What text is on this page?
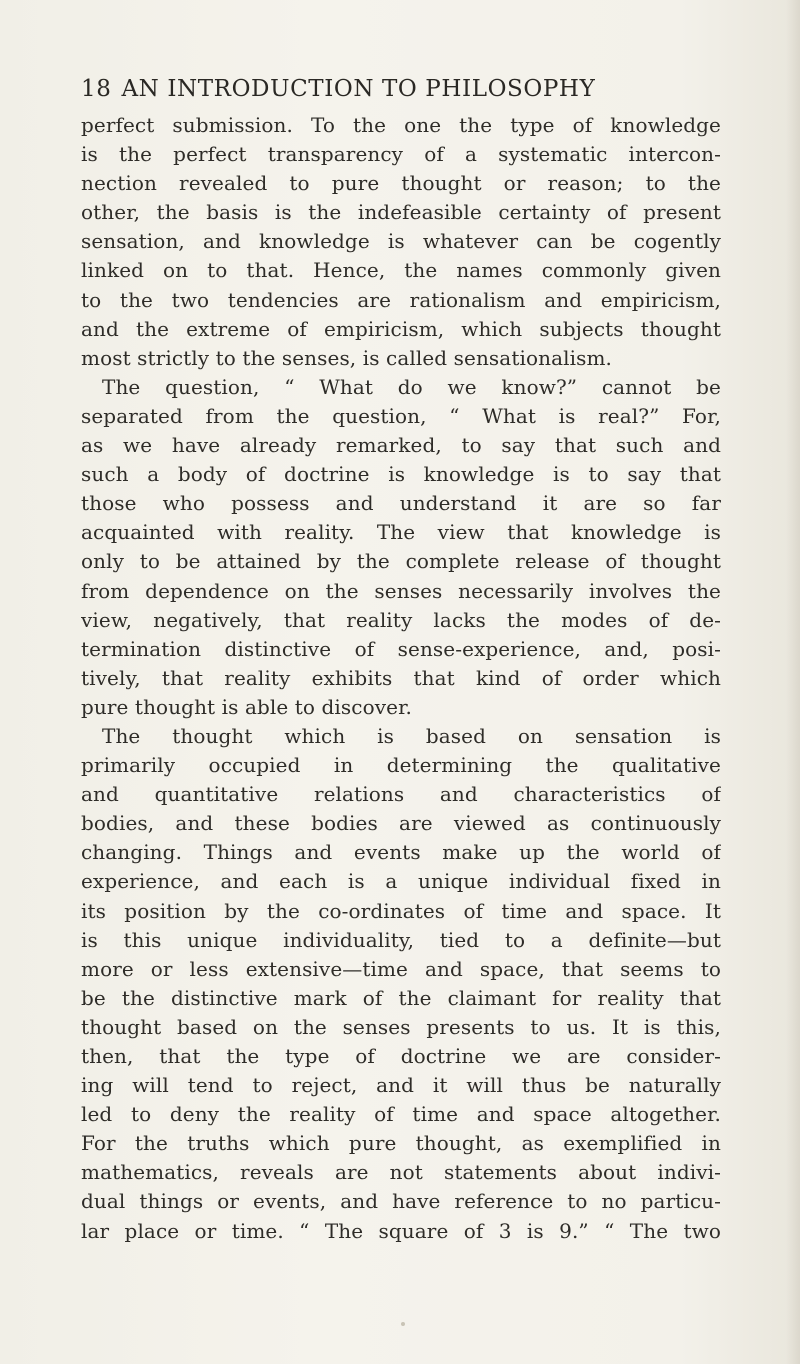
18 AN INTRODUCTION TO PHILOSOPHY
perfect submission. To the one the type of knowledge
is the perfect transparency of a systematic intercon-
nection revealed to pure thought or reason; to the
other, the basis is the indefeasible certainty of present
sensation, and knowledge is whatever can be cogently
linked on to that. Hence, the names commonly given
to the two tendencies are rationalism and empiricism,
and the extreme of empiricism, which subjects thought
most strictly to the senses, is called sensationalism.
The question, “ What do we know?” cannot be
separated from the question, “ What is real?” For,
as we have already remarked, to say that such and
such a body of doctrine is knowledge is to say that
those who possess and understand it are so far
acquainted with reality. The view that knowledge is
only to be attained by the complete release of thought
from dependence on the senses necessarily involves the
view, negatively, that reality lacks the modes of de-
termination distinctive of sense-experience, and, posi-
tively, that reality exhibits that kind of order which
pure thought is able to discover.
The thought which is based on sensation is
primarily occupied in determining the qualitative
and quantitative relations and characteristics of
bodies, and these bodies are viewed as continuously
changing. Things and events make up the world of
experience, and each is a unique individual fixed in
its position by the co-ordinates of time and space. It
is this unique individuality, tied to a definite—but
more or less extensive—time and space, that seems to
be the distinctive mark of the claimant for reality that
thought based on the senses presents to us. It is this,
then, that the type of doctrine we are consider-
ing will tend to reject, and it will thus be naturally
led to deny the reality of time and space altogether.
For the truths which pure thought, as exemplified in
mathematics, reveals are not statements about indivi-
dual things or events, and have reference to no particu-
lar place or time. “ The square of 3 is 9.” “ The two
